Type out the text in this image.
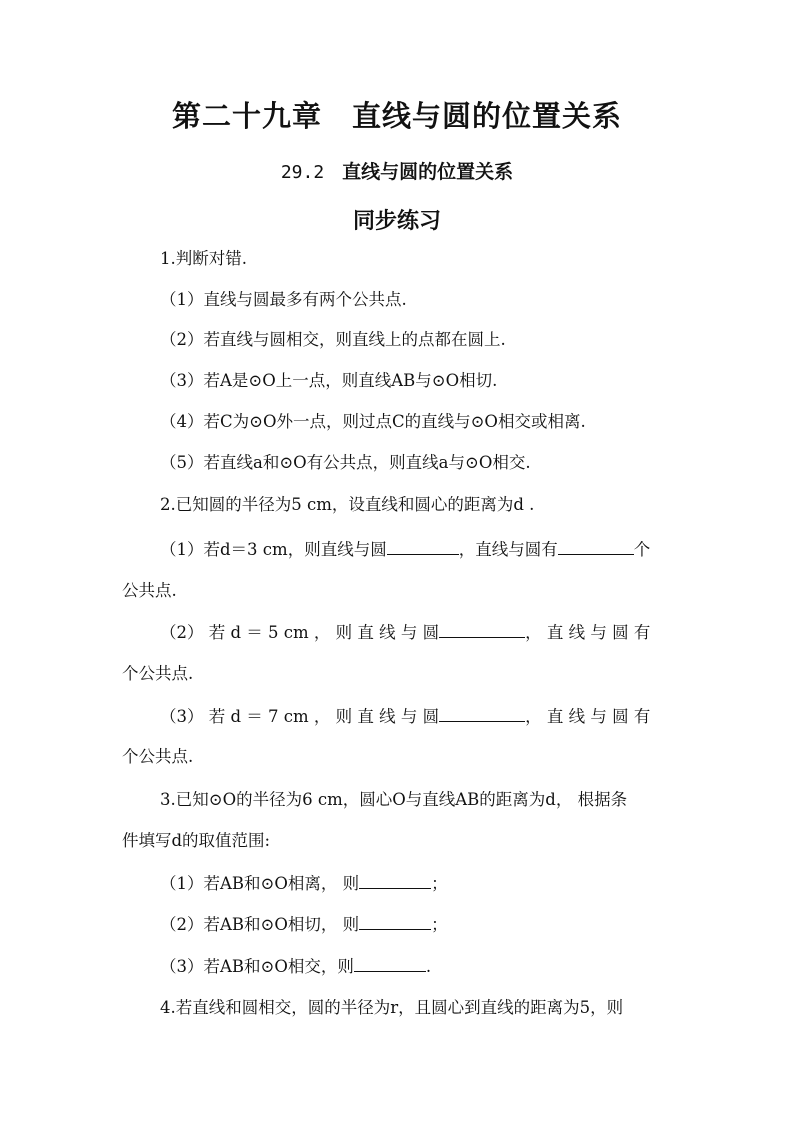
第二十九章 直线与圆的位置关系
29.2 直线与圆的位置关系
同步练习
1.判断对错.
（1）直线与圆最多有两个公共点.
（2）若直线与圆相交，则直线上的点都在圆上.
（3）若A是⊙O上一点，则直线AB与⊙O相切.
（4）若C为⊙O外一点，则过点C的直线与⊙O相交或相离.
（5）若直线a和⊙O有公共点，则直线a与⊙O相交.
2.已知圆的半径为5 cm，设直线和圆心的距离为d .
（1）若d＝3 cm，则直线与圆	，直线与圆有	个
公共点.
（2） 若 d ＝ 5 cm ， 则 直 线 与 圆	， 直 线 与 圆 有
个公共点.
（3） 若 d ＝ 7 cm ， 则 直 线 与 圆	， 直 线 与 圆 有
个公共点.
3.已知⊙O的半径为6 cm，圆心O与直线AB的距离为d， 根据条
件填写d的取值范围:
（1）若AB和⊙O相离， 则	；
（2）若AB和⊙O相切， 则	；
（3）若AB和⊙O相交，则	.
4.若直线和圆相交，圆的半径为r，且圆心到直线的距离为5，则
